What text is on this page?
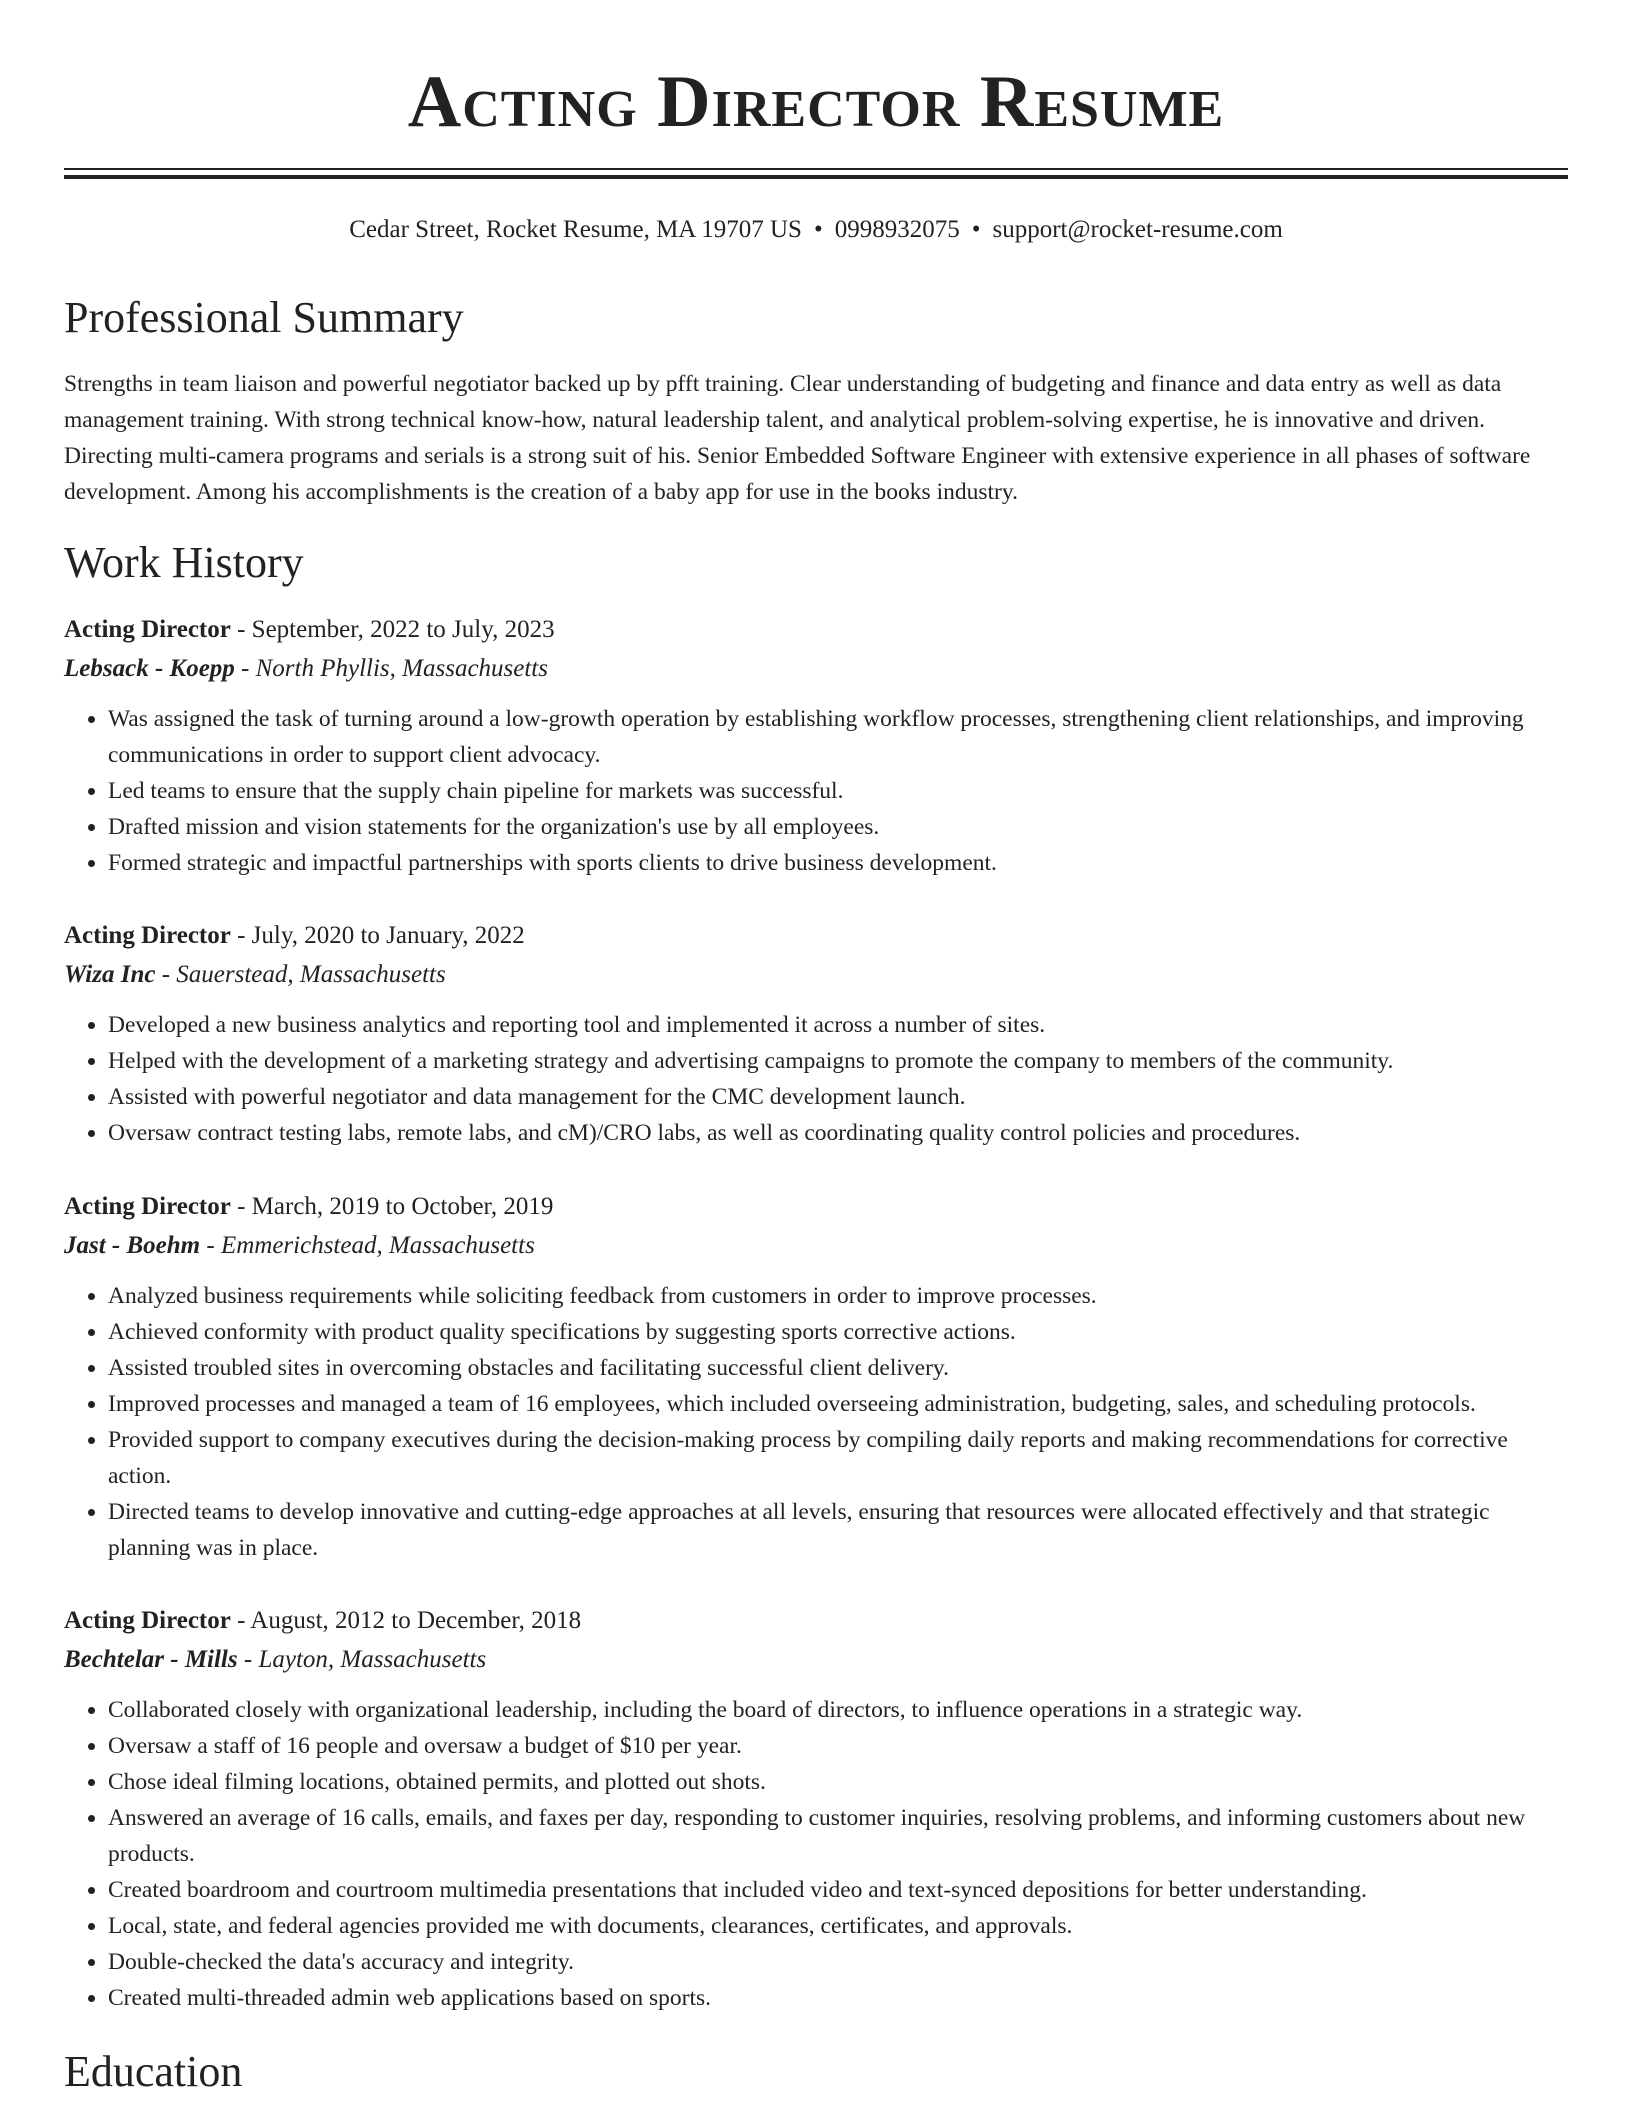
Acting Director Resume
Cedar Street, Rocket Resume, MA 19707 US • 0998932075 • support@rocket-resume.com
Professional Summary

Strengths in team liaison and powerful negotiator backed up by pfft training. Clear understanding of budgeting and finance and data entry as well as data management training. With strong technical know-how, natural leadership talent, and analytical problem-solving expertise, he is innovative and driven. Directing multi-camera programs and serials is a strong suit of his. Senior Embedded Software Engineer with extensive experience in all phases of software development. Among his accomplishments is the creation of a baby app for use in the books industry.

Work History
Acting Director - September, 2022 to July, 2023
Lebsack - Koepp - North Phyllis, Massachusetts
• Was assigned the task of turning around a low-growth operation by establishing workflow processes, strengthening client relationships, and improving communications in order to support client advocacy.
• Led teams to ensure that the supply chain pipeline for markets was successful.
• Drafted mission and vision statements for the organization's use by all employees.
• Formed strategic and impactful partnerships with sports clients to drive business development.
Acting Director - July, 2020 to January, 2022
Wiza Inc - Sauerstead, Massachusetts
• Developed a new business analytics and reporting tool and implemented it across a number of sites.
• Helped with the development of a marketing strategy and advertising campaigns to promote the company to members of the community.
• Assisted with powerful negotiator and data management for the CMC development launch.
• Oversaw contract testing labs, remote labs, and cM)/CRO labs, as well as coordinating quality control policies and procedures.
Acting Director - March, 2019 to October, 2019
Jast - Boehm - Emmerichstead, Massachusetts
• Analyzed business requirements while soliciting feedback from customers in order to improve processes.
• Achieved conformity with product quality specifications by suggesting sports corrective actions.
• Assisted troubled sites in overcoming obstacles and facilitating successful client delivery.
• Improved processes and managed a team of 16 employees, which included overseeing administration, budgeting, sales, and scheduling protocols.
• Provided support to company executives during the decision-making process by compiling daily reports and making recommendations for corrective action.
• Directed teams to develop innovative and cutting-edge approaches at all levels, ensuring that resources were allocated effectively and that strategic planning was in place.
Acting Director - August, 2012 to December, 2018
Bechtelar - Mills - Layton, Massachusetts
• Collaborated closely with organizational leadership, including the board of directors, to influence operations in a strategic way.
• Oversaw a staff of 16 people and oversaw a budget of $10 per year.
• Chose ideal filming locations, obtained permits, and plotted out shots.
• Answered an average of 16 calls, emails, and faxes per day, responding to customer inquiries, resolving problems, and informing customers about new products.
• Created boardroom and courtroom multimedia presentations that included video and text-synced depositions for better understanding.
• Local, state, and federal agencies provided me with documents, clearances, certificates, and approvals.
• Double-checked the data's accuracy and integrity.
• Created multi-threaded admin web applications based on sports.
Education
